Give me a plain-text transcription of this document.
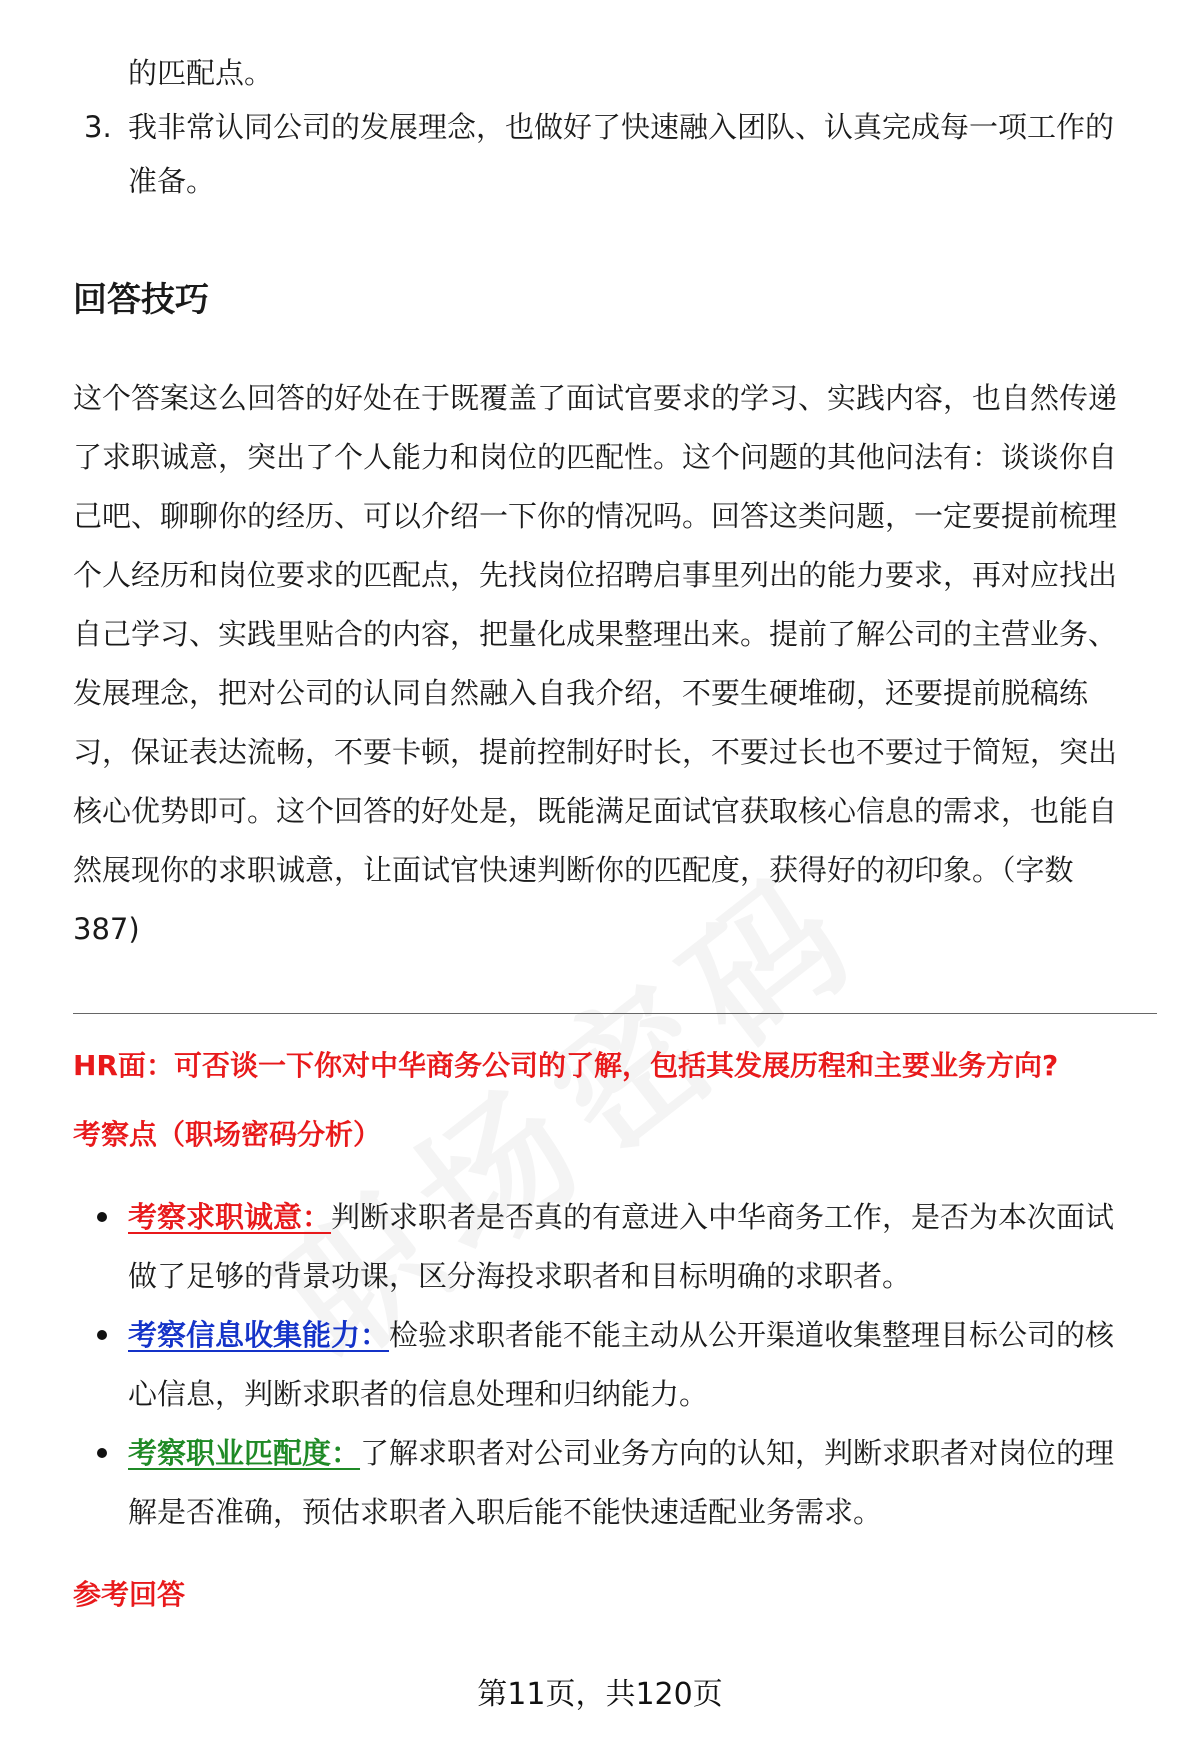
的匹配点。
3. 我非常认同公司的发展理念，也做好了快速融入团队、认真完成每一项工作的
准备。
回答技巧
这个答案这么回答的好处在于既覆盖了面试官要求的学习、实践内容，也自然传递
了求职诚意，突出了个人能力和岗位的匹配性。这个问题的其他问法有：谈谈你自
己吧、聊聊你的经历、可以介绍一下你的情况吗。回答这类问题，一定要提前梳理
个人经历和岗位要求的匹配点，先找岗位招聘启事里列出的能力要求，再对应找出
自己学习、实践里贴合的内容，把量化成果整理出来。提前了解公司的主营业务、
发展理念，把对公司的认同自然融入自我介绍，不要生硬堆砌，还要提前脱稿练
习，保证表达流畅，不要卡顿，提前控制好时长，不要过长也不要过于简短，突出
核心优势即可。这个回答的好处是，既能满足面试官获取核心信息的需求，也能自
然展现你的求职诚意，让面试官快速判断你的匹配度，获得好的初印象。（字数
387)
HR面：可否谈一下你对中华商务公司的了解，包括其发展历程和主要业务方向?
考察点（职场密码分析）
考察求职诚意：判断求职者是否真的有意进入中华商务工作，是否为本次面试
做了足够的背景功课，区分海投求职者和目标明确的求职者。
考察信息收集能力：检验求职者能不能主动从公开渠道收集整理目标公司的核
心信息，判断求职者的信息处理和归纳能力。
考察职业匹配度：了解求职者对公司业务方向的认知，判断求职者对岗位的理
解是否准确，预估求职者入职后能不能快速适配业务需求。
参考回答
第11页，共120页
